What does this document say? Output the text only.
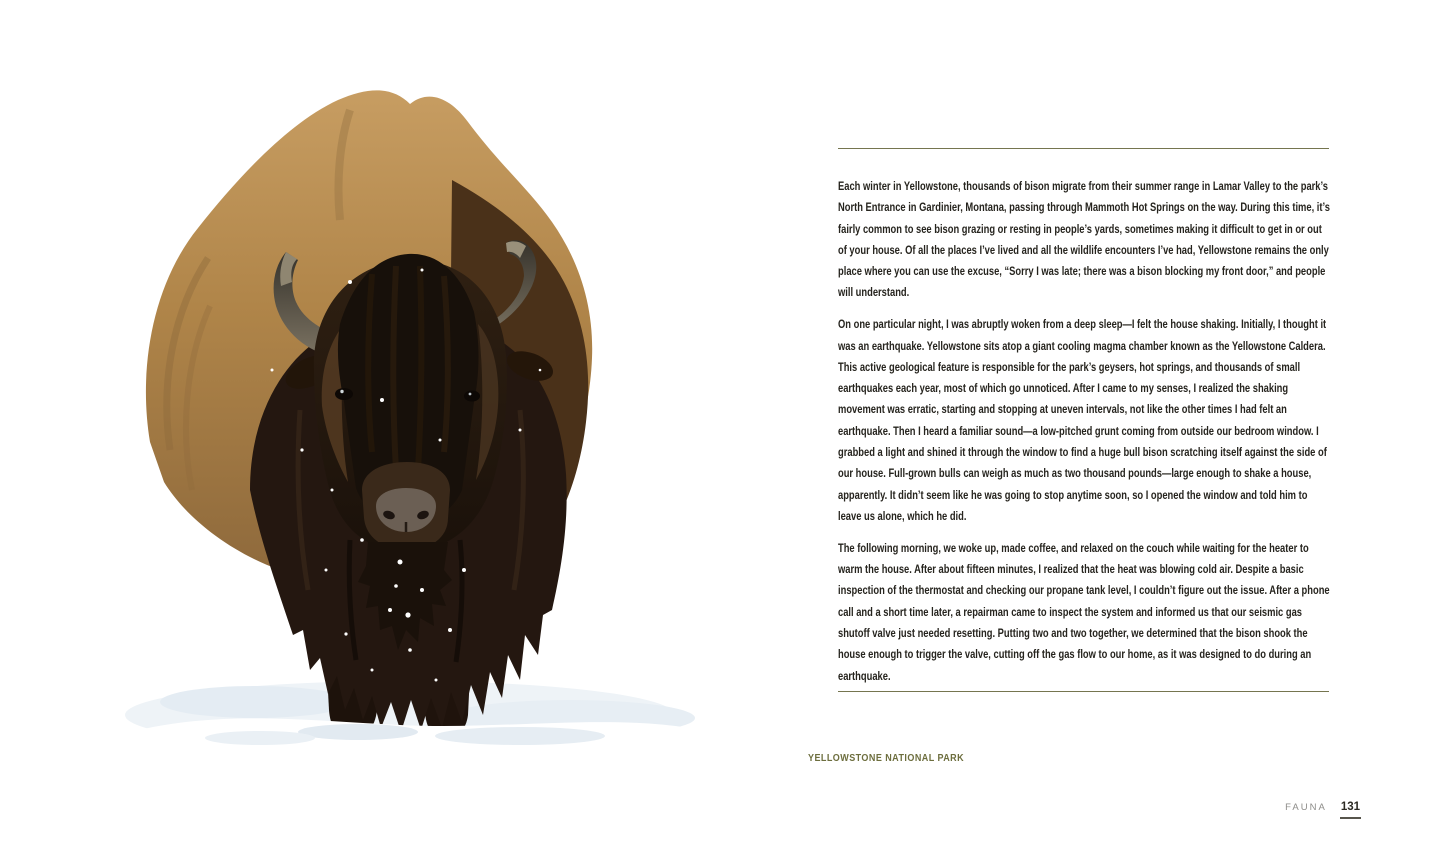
Each winter in Yellowstone, thousands of bison migrate from their summer range in Lamar Valley to the park’s North Entrance in Gardinier, Montana, passing through Mammoth Hot Springs on the way. During this time, it’s fairly common to see bison grazing or resting in people’s yards, sometimes making it difficult to get in or out of your house. Of all the places I’ve lived and all the wildlife encounters I’ve had, Yellowstone remains the only place where you can use the excuse, “Sorry I was late; there was a bison blocking my front door,” and people will understand.

On one particular night, I was abruptly woken from a deep sleep—I felt the house shaking. Initially, I thought it was an earthquake. Yellowstone sits atop a giant cooling magma chamber known as the Yellowstone Caldera. This active geological feature is responsible for the park’s geysers, hot springs, and thousands of small earthquakes each year, most of which go unnoticed. After I came to my senses, I realized the shaking movement was erratic, starting and stopping at uneven intervals, not like the other times I had felt an earthquake. Then I heard a familiar sound—a low-pitched grunt coming from outside our bedroom window. I grabbed a light and shined it through the window to find a huge bull bison scratching itself against the side of our house. Full-grown bulls can weigh as much as two thousand pounds—large enough to shake a house, apparently. It didn’t seem like he was going to stop anytime soon, so I opened the window and told him to leave us alone, which he did.

The following morning, we woke up, made coffee, and relaxed on the couch while waiting for the heater to warm the house. After about fifteen minutes, I realized that the heat was blowing cold air. Despite a basic inspection of the thermostat and checking our propane tank level, I couldn’t figure out the issue. After a phone call and a short time later, a repairman came to inspect the system and informed us that our seismic gas shutoff valve just needed resetting. Putting two and two together, we determined that the bison shook the house enough to trigger the valve, cutting off the gas flow to our home, as it was designed to do during an earthquake.

YELLOWSTONE NATIONAL PARK
FAUNA 131
